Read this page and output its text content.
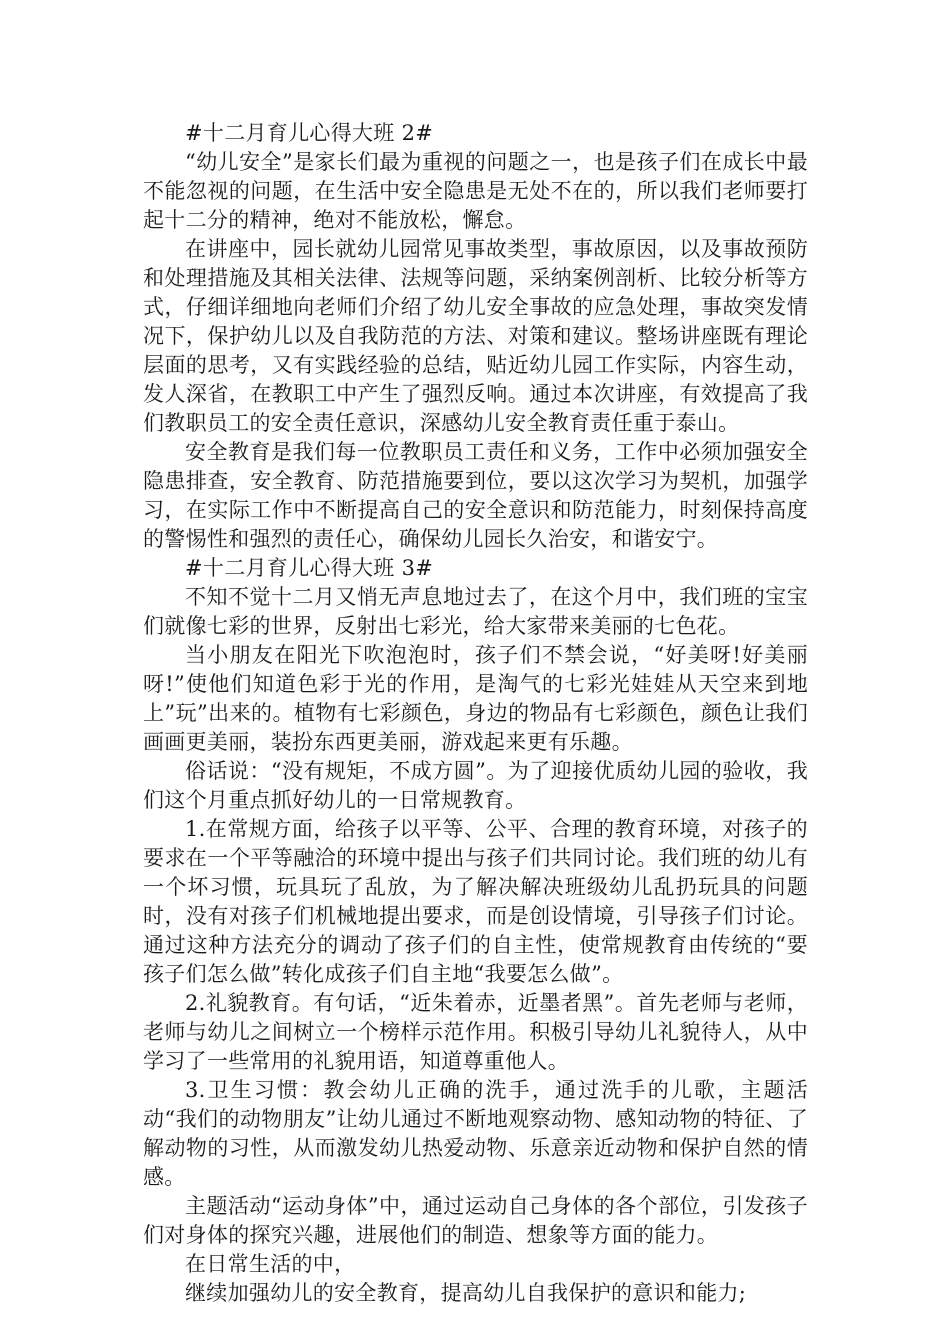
#十二月育儿心得大班 2#

“幼儿安全”是家长们最为重视的问题之一，也是孩子们在成长中最不能忽视的问题，在生活中安全隐患是无处不在的，所以我们老师要打起十二分的精神，绝对不能放松，懈怠。

在讲座中，园长就幼儿园常见事故类型，事故原因，以及事故预防和处理措施及其相关法律、法规等问题，采纳案例剖析、比较分析等方式，仔细详细地向老师们介绍了幼儿安全事故的应急处理，事故突发情况下，保护幼儿以及自我防范的方法、对策和建议。整场讲座既有理论层面的思考，又有实践经验的总结，贴近幼儿园工作实际，内容生动，发人深省，在教职工中产生了强烈反响。通过本次讲座，有效提高了我们教职员工的安全责任意识，深感幼儿安全教育责任重于泰山。

安全教育是我们每一位教职员工责任和义务，工作中必须加强安全隐患排查，安全教育、防范措施要到位，要以这次学习为契机，加强学习，在实际工作中不断提高自己的安全意识和防范能力，时刻保持高度的警惕性和强烈的责任心，确保幼儿园长久治安，和谐安宁。

#十二月育儿心得大班 3#

不知不觉十二月又悄无声息地过去了，在这个月中，我们班的宝宝们就像七彩的世界，反射出七彩光，给大家带来美丽的七色花。

当小朋友在阳光下吹泡泡时，孩子们不禁会说，“好美呀!好美丽呀!”使他们知道色彩于光的作用，是淘气的七彩光娃娃从天空来到地上”玩”出来的。植物有七彩颜色，身边的物品有七彩颜色，颜色让我们画画更美丽，装扮东西更美丽，游戏起来更有乐趣。

俗话说：“没有规矩，不成方圆”。为了迎接优质幼儿园的验收，我们这个月重点抓好幼儿的一日常规教育。

1.在常规方面，给孩子以平等、公平、合理的教育环境，对孩子的要求在一个平等融洽的环境中提出与孩子们共同讨论。我们班的幼儿有一个坏习惯，玩具玩了乱放，为了解决解决班级幼儿乱扔玩具的问题时，没有对孩子们机械地提出要求，而是创设情境，引导孩子们讨论。通过这种方法充分的调动了孩子们的自主性，使常规教育由传统的“要孩子们怎么做”转化成孩子们自主地“我要怎么做”。

2.礼貌教育。有句话，“近朱着赤，近墨者黑”。首先老师与老师，老师与幼儿之间树立一个榜样示范作用。积极引导幼儿礼貌待人，从中学习了一些常用的礼貌用语，知道尊重他人。

3.卫生习惯：教会幼儿正确的洗手，通过洗手的儿歌，主题活动“我们的动物朋友”让幼儿通过不断地观察动物、感知动物的特征、了解动物的习性，从而激发幼儿热爱动物、乐意亲近动物和保护自然的情感。

主题活动“运动身体”中，通过运动自己身体的各个部位，引发孩子们对身体的探究兴趣，进展他们的制造、想象等方面的能力。

在日常生活的中，

继续加强幼儿的安全教育，提高幼儿自我保护的意识和能力;
